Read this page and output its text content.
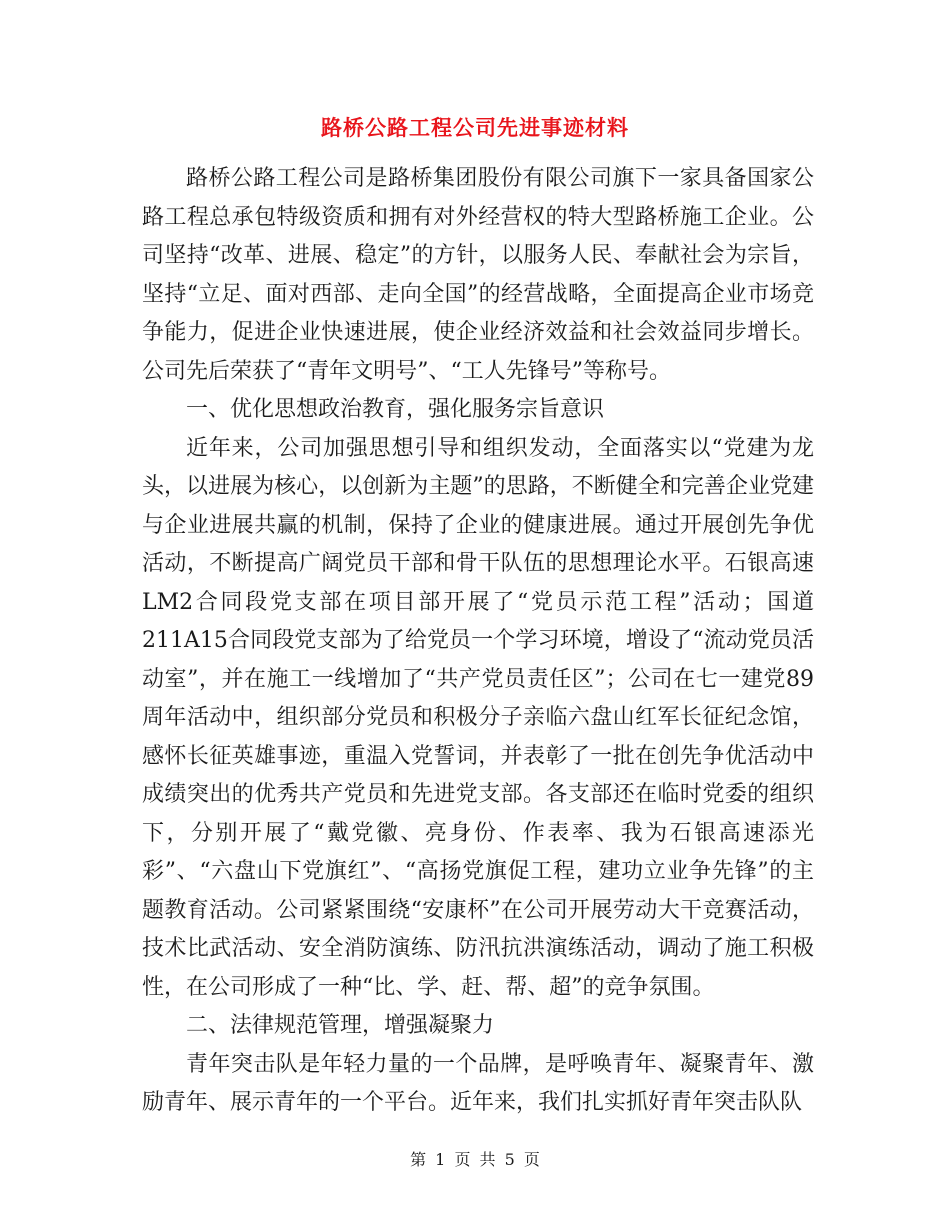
路桥公路工程公司先进事迹材料

路桥公路工程公司是路桥集团股份有限公司旗下一家具备国家公路工程总承包特级资质和拥有对外经营权的特大型路桥施工企业。公司坚持“改革、进展、稳定”的方针，以服务人民、奉献社会为宗旨，坚持“立足、面对西部、走向全国”的经营战略，全面提高企业市场竞争能力，促进企业快速进展，使企业经济效益和社会效益同步增长。公司先后荣获了“青年文明号”、“工人先锋号”等称号。

一、优化思想政治教育，强化服务宗旨意识

近年来，公司加强思想引导和组织发动，全面落实以“党建为龙头，以进展为核心，以创新为主题”的思路，不断健全和完善企业党建与企业进展共赢的机制，保持了企业的健康进展。通过开展创先争优活动，不断提高广阔党员干部和骨干队伍的思想理论水平。石银高速LM2合同段党支部在项目部开展了“党员示范工程”活动；国道211A15合同段党支部为了给党员一个学习环境，增设了“流动党员活动室”，并在施工一线增加了“共产党员责任区”；公司在七一建党89周年活动中，组织部分党员和积极分子亲临六盘山红军长征纪念馆，感怀长征英雄事迹，重温入党誓词，并表彰了一批在创先争优活动中成绩突出的优秀共产党员和先进党支部。各支部还在临时党委的组织下，分别开展了“戴党徽、亮身份、作表率、我为石银高速添光彩”、“六盘山下党旗红”、“高扬党旗促工程，建功立业争先锋”的主题教育活动。公司紧紧围绕“安康杯”在公司开展劳动大干竞赛活动，技术比武活动、安全消防演练、防汛抗洪演练活动，调动了施工积极性，在公司形成了一种“比、学、赶、帮、超”的竞争氛围。

二、法律规范管理，增强凝聚力

青年突击队是年轻力量的一个品牌，是呼唤青年、凝聚青年、激励青年、展示青年的一个平台。近年来，我们扎实抓好青年突击队队

第 1 页 共 5 页
